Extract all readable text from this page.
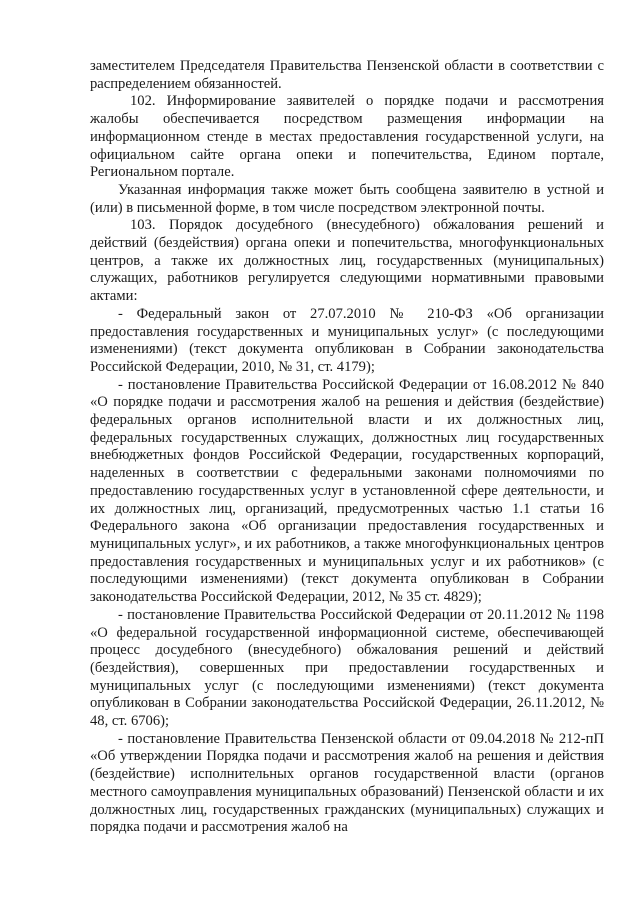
заместителем Председателя Правительства Пензенской области в соответствии с распределением обязанностей.

102. Информирование заявителей о порядке подачи и рассмотрения жалобы обеспечивается посредством размещения информации на информационном стенде в местах предоставления государственной услуги, на официальном сайте органа опеки и попечительства, Едином портале, Региональном портале.

Указанная информация также может быть сообщена заявителю в устной и (или) в письменной форме, в том числе посредством электронной почты.

103. Порядок досудебного (внесудебного) обжалования решений и действий (бездействия) органа опеки и попечительства, многофункциональных центров, а также их должностных лиц, государственных (муниципальных) служащих, работников регулируется следующими нормативными правовыми актами:

- Федеральный закон от 27.07.2010 № 210-ФЗ «Об организации предоставления государственных и муниципальных услуг» (с последующими изменениями) (текст документа опубликован в Собрании законодательства Российской Федерации, 2010, № 31, ст. 4179);

- постановление Правительства Российской Федерации от 16.08.2012 № 840 «О порядке подачи и рассмотрения жалоб на решения и действия (бездействие) федеральных органов исполнительной власти и их должностных лиц, федеральных государственных служащих, должностных лиц государственных внебюджетных фондов Российской Федерации, государственных корпораций, наделенных в соответствии с федеральными законами полномочиями по предоставлению государственных услуг в установленной сфере деятельности, и их должностных лиц, организаций, предусмотренных частью 1.1 статьи 16 Федерального закона «Об организации предоставления государственных и муниципальных услуг», и их работников, а также многофункциональных центров предоставления государственных и муниципальных услуг и их работников» (с последующими изменениями) (текст документа опубликован в Собрании законодательства Российской Федерации, 2012, № 35 ст. 4829);

- постановление Правительства Российской Федерации от 20.11.2012 № 1198 «О федеральной государственной информационной системе, обеспечивающей процесс досудебного (внесудебного) обжалования решений и действий (бездействия), совершенных при предоставлении государственных и муниципальных услуг (с последующими изменениями) (текст документа опубликован в Собрании законодательства Российской Федерации, 26.11.2012, № 48, ст. 6706);

- постановление Правительства Пензенской области от 09.04.2018 № 212-пП «Об утверждении Порядка подачи и рассмотрения жалоб на решения и действия (бездействие) исполнительных органов государственной власти (органов местного самоуправления муниципальных образований) Пензенской области и их должностных лиц, государственных гражданских (муниципальных) служащих и порядка подачи и рассмотрения жалоб на
